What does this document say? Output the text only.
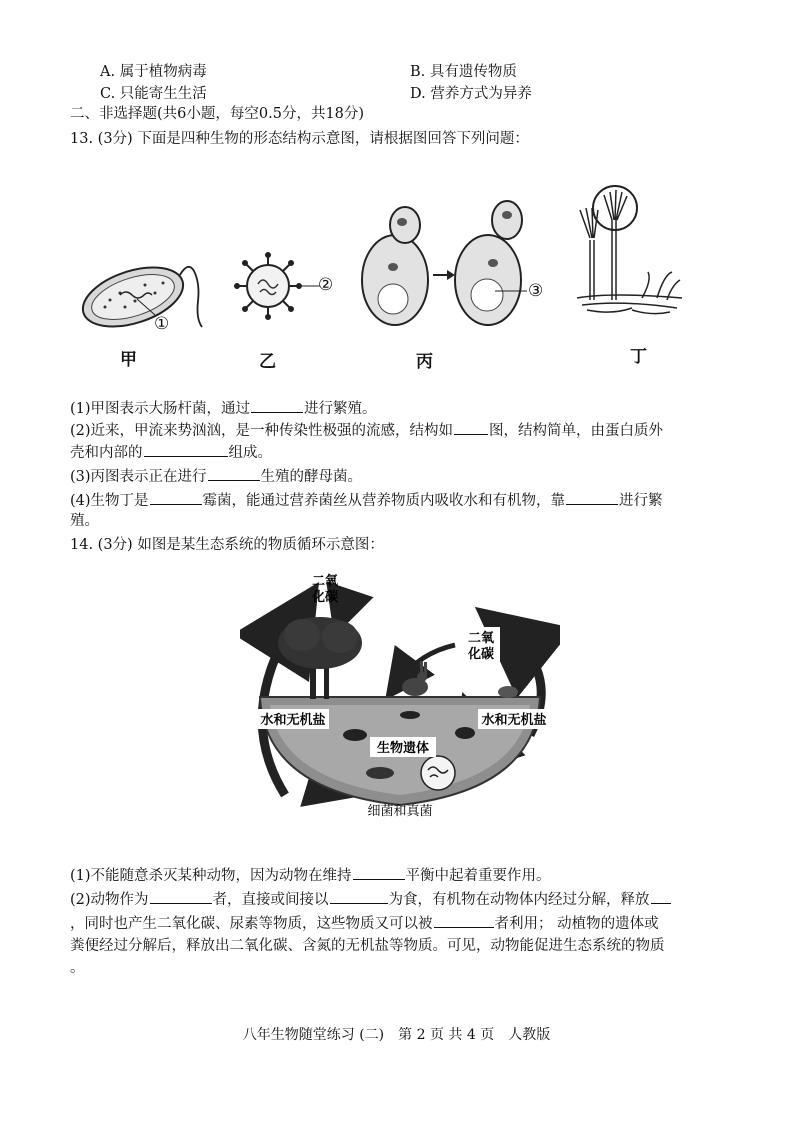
A. 属于植物病毒	B. 具有遗传物质
C. 只能寄生生活	D. 营养方式为异养
二、非选择题(共6小题，每空0.5分，共18分)
13. (3分) 下面是四种生物的形态结构示意图，请根据图回答下列问题：
①
②	③
甲	乙	丙	丁
(1)甲图表示大肠杆菌，通过	进行繁殖。
(2)近来，甲流来势汹汹，是一种传染性极强的流感，结构如 图，结构简单，由蛋白质外
壳和内部的	组成。
(3)丙图表示正在进行	生殖的酵母菌。
(4)生物丁是	霉菌，能通过营养菌丝从营养物质内吸收水和有机物，靠	进行繁
殖。
14. (3分) 如图是某生态系统的物质循环示意图：
二氧
化碳
二氧
化碳
水和无机盐	水和无机盐
生物遗体
细菌和真菌
(1)不能随意杀灭某种动物，因为动物在维持	平衡中起着重要作用。
(2)动物作为	者，直接或间接以	为食，有机物在动物体内经过分解，释放
，同时也产生二氧化碳、尿素等物质，这些物质又可以被	者利用； 动植物的遗体或
粪便经过分解后，释放出二氧化碳、含氮的无机盐等物质。可见，动物能促进生态系统的物质
。
八年生物随堂练习 (二)　第 2 页 共 4 页　人教版
